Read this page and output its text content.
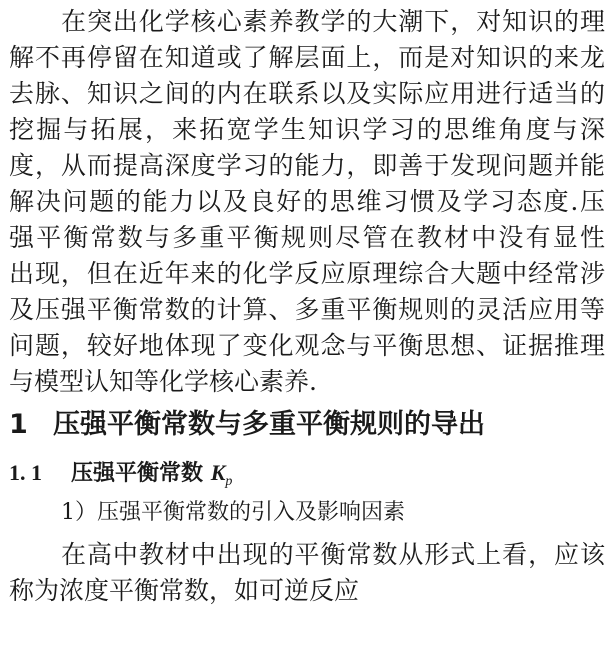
在突出化学核心素养教学的大潮下，对知识的理
解不再停留在知道或了解层面上，而是对知识的来龙
去脉、知识之间的内在联系以及实际应用进行适当的
挖掘与拓展，来拓宽学生知识学习的思维角度与深
度，从而提高深度学习的能力，即善于发现问题并能
解决问题的能力以及良好的思维习惯及学习态度.压
强平衡常数与多重平衡规则尽管在教材中没有显性
出现，但在近年来的化学反应原理综合大题中经常涉
及压强平衡常数的计算、多重平衡规则的灵活应用等
问题，较好地体现了变化观念与平衡思想、证据推理
与模型认知等化学核心素养.
1 压强平衡常数与多重平衡规则的导出
1. 1 压强平衡常数 $K_p$
1）压强平衡常数的引入及影响因素
在高中教材中出现的平衡常数从形式上看，应该
称为浓度平衡常数，如可逆反应
